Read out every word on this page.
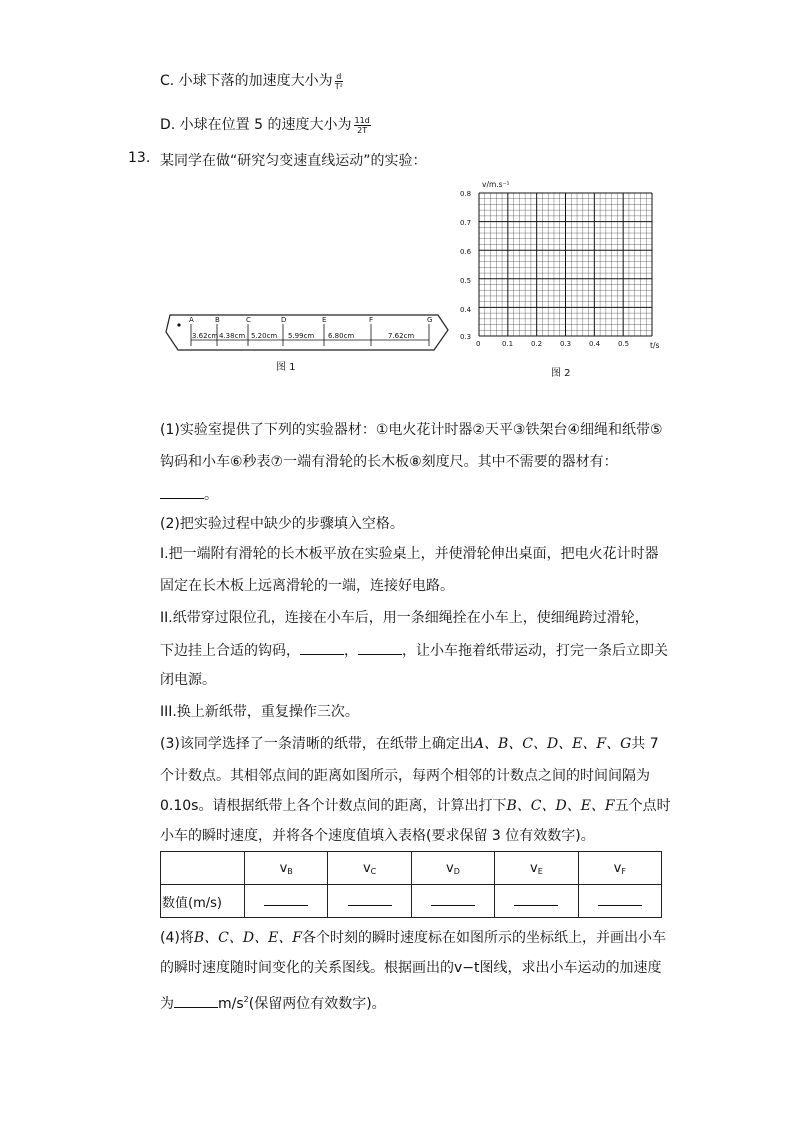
C. 小球下落的加速度大小为 $\frac{d}{\text{T²}}$
D. 小球在位置 5 的速度大小为 $\frac{11d}{2T}$
13. 某同学在做“研究匀变速直线运动”的实验：
A	B	C	D	E	F	G
3.62cm 4.38cm 5.20cm 5.99cm 6.80cm	7.62cm
图 1
v/m.s⁻¹
t/s
0.8
0.7
0.6
0.5
0.4
0.3
0	0.1	0.2	0.3	0.4	0.5
图 2
(1)实验室提供了下列的实验器材：①电火花计时器②天平③铁架台④细绳和纸带⑤
钩码和小车⑥秒表⑦一端有滑轮的长木板⑧刻度尺。其中不需要的器材有：
。
(2)把实验过程中缺少的步骤填入空格。
I.把一端附有滑轮的长木板平放在实验桌上，并使滑轮伸出桌面，把电火花计时器
固定在长木板上远离滑轮的一端，连接好电路。
II.纸带穿过限位孔，连接在小车后，用一条细绳拴在小车上，使细绳跨过滑轮，
下边挂上合适的钩码，	，	，让小车拖着纸带运动，打完一条后立即关
闭电源。
III.换上新纸带，重复操作三次。
(3)该同学选择了一条清晰的纸带，在纸带上确定出A、B、C、D、E、F、G共 7
个计数点。其相邻点间的距离如图所示，每两个相邻的计数点之间的时间间隔为
0.10s。请根据纸带上各个计数点间的距离，计算出打下B、C、D、E、F五个点时
小车的瞬时速度，并将各个速度值填入表格(要求保留 3 位有效数字)。
	$v_B$	$v_C$	$v_D$	$v_E$	$v_F$
数值(m/s)					
(4)将B、C、D、E、F各个时刻的瞬时速度标在如图所示的坐标纸上，并画出小车
的瞬时速度随时间变化的关系图线。根据画出的v−t图线，求出小车运动的加速度
为	$m/s^2$(保留两位有效数字)。
